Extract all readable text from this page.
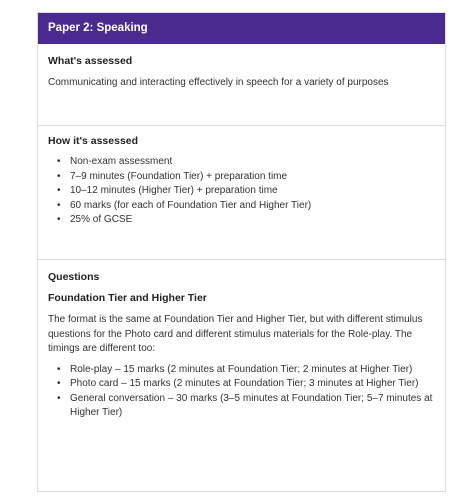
Paper 2: Speaking

What's assessed

Communicating and interacting effectively in speech for a variety of purposes

How it's assessed

• Non-exam assessment
• 7–9 minutes (Foundation Tier) + preparation time
• 10–12 minutes (Higher Tier) + preparation time
• 60 marks (for each of Foundation Tier and Higher Tier)
• 25% of GCSE

Questions

Foundation Tier and Higher Tier

The format is the same at Foundation Tier and Higher Tier, but with different stimulus questions for the Photo card and different stimulus materials for the Role-play. The timings are different too:

• Role-play – 15 marks (2 minutes at Foundation Tier; 2 minutes at Higher Tier)
• Photo card – 15 marks (2 minutes at Foundation Tier; 3 minutes at Higher Tier)
• General conversation – 30 marks (3–5 minutes at Foundation Tier; 5–7 minutes at Higher Tier)
